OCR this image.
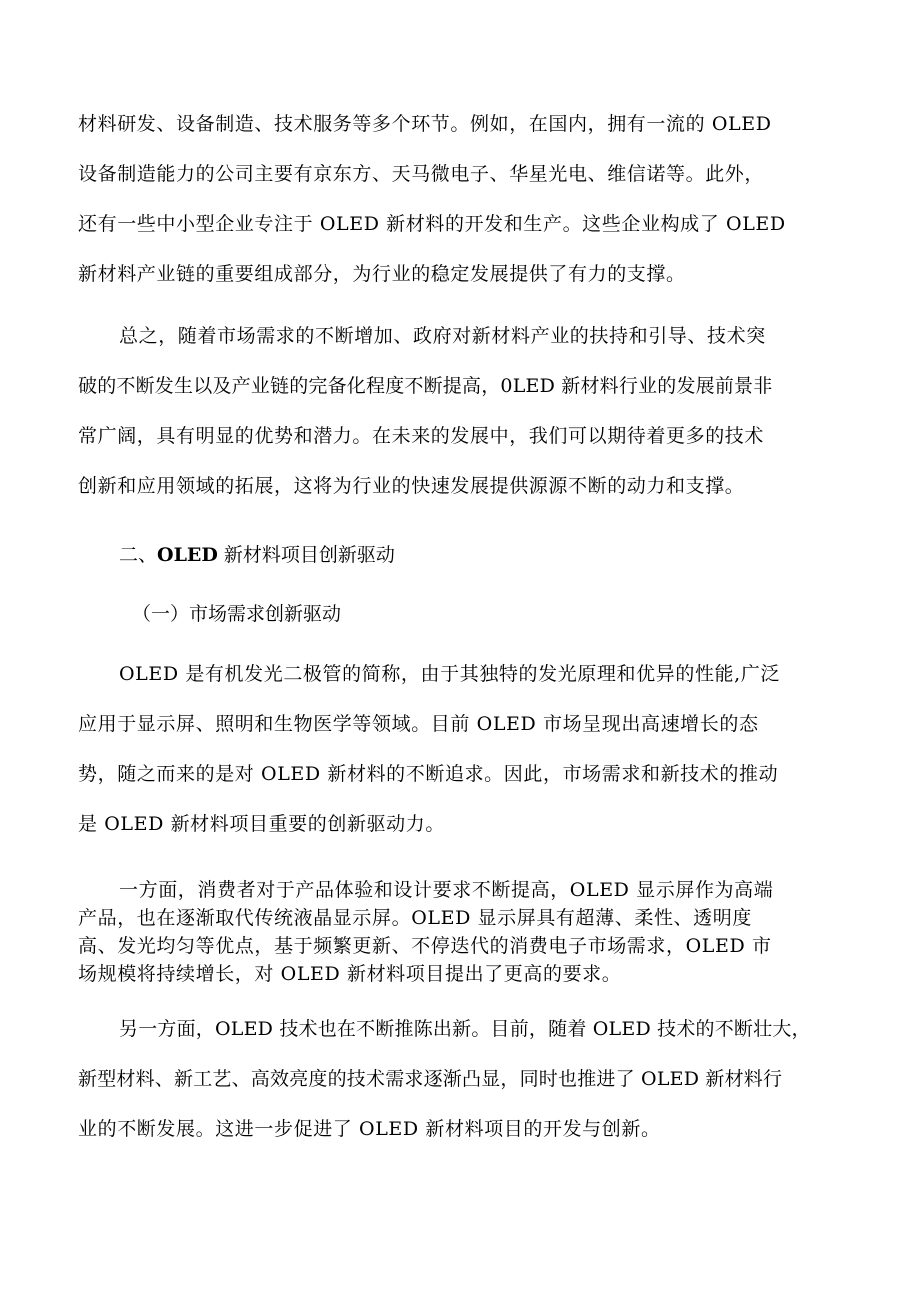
材料研发、设备制造、技术服务等多个环节。例如，在国内，拥有一流的 OLED
设备制造能力的公司主要有京东方、天马微电子、华星光电、维信诺等。此外，
还有一些中小型企业专注于 OLED 新材料的开发和生产。这些企业构成了 OLED
新材料产业链的重要组成部分，为行业的稳定发展提供了有力的支撑。
总之，随着市场需求的不断增加、政府对新材料产业的扶持和引导、技术突
破的不断发生以及产业链的完备化程度不断提高，0LED 新材料行业的发展前景非
常广阔，具有明显的优势和潜力。在未来的发展中，我们可以期待着更多的技术
创新和应用领域的拓展，这将为行业的快速发展提供源源不断的动力和支撑。
二、OLED 新材料项目创新驱动
（一）市场需求创新驱动
OLED 是有机发光二极管的简称，由于其独特的发光原理和优异的性能,广泛
应用于显示屏、照明和生物医学等领域。目前 OLED 市场呈现出高速增长的态
势，随之而来的是对 OLED 新材料的不断追求。因此，市场需求和新技术的推动
是 OLED 新材料项目重要的创新驱动力。
一方面，消费者对于产品体验和设计要求不断提高，OLED 显示屏作为高端
产品，也在逐渐取代传统液晶显示屏。OLED 显示屏具有超薄、柔性、透明度
高、发光均匀等优点，基于频繁更新、不停迭代的消费电子市场需求，OLED 市
场规模将持续增长，对 OLED 新材料项目提出了更高的要求。
另一方面，OLED 技术也在不断推陈出新。目前，随着 OLED 技术的不断壮大，
新型材料、新工艺、高效亮度的技术需求逐渐凸显，同时也推进了 OLED 新材料行
业的不断发展。这进一步促进了 OLED 新材料项目的开发与创新。
